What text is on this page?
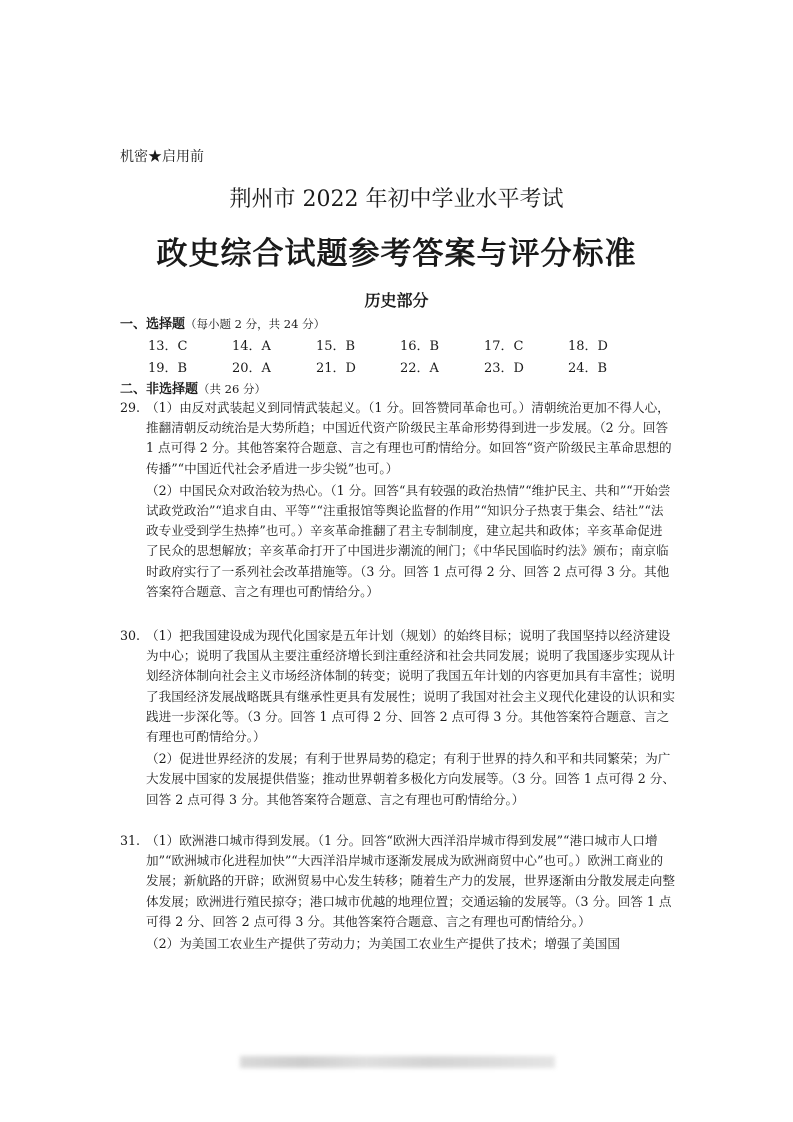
机密★启用前
荆州市 2022 年初中学业水平考试
政史综合试题参考答案与评分标准
历史部分
一、选择题（每小题 2 分，共 24 分）
13．C	14．A	15．B	16．B	17．C	18．D
19．B	20．A	21．D	22．A	23．D	24．B
二、非选择题（共 26 分）
29. （1）由反对武装起义到同情武装起义。（1 分。回答赞同革命也可。）清朝统治更加不得人心，推翻清朝反动统治是大势所趋；中国近代资产阶级民主革命形势得到进一步发展。（2 分。回答 1 点可得 2 分。其他答案符合题意、言之有理也可酌情给分。如回答“资产阶级民主革命思想的传播”“中国近代社会矛盾进一步尖锐”也可。）
（2）中国民众对政治较为热心。（1 分。回答“具有较强的政治热情”“维护民主、共和”“开始尝试政党政治”“追求自由、平等”“注重报馆等舆论监督的作用”“知识分子热衷于集会、结社”“法政专业受到学生热捧”也可。）辛亥革命推翻了君主专制制度，建立起共和政体；辛亥革命促进了民众的思想解放；辛亥革命打开了中国进步潮流的闸门；《中华民国临时约法》颁布；南京临时政府实行了一系列社会改革措施等。（3 分。回答 1 点可得 2 分、回答 2 点可得 3 分。其他答案符合题意、言之有理也可酌情给分。）
30. （1）把我国建设成为现代化国家是五年计划（规划）的始终目标；说明了我国坚持以经济建设为中心；说明了我国从主要注重经济增长到注重经济和社会共同发展；说明了我国逐步实现从计划经济体制向社会主义市场经济体制的转变；说明了我国五年计划的内容更加具有丰富性；说明了我国经济发展战略既具有继承性更具有发展性；说明了我国对社会主义现代化建设的认识和实践进一步深化等。（3 分。回答 1 点可得 2 分、回答 2 点可得 3 分。其他答案符合题意、言之有理也可酌情给分。）
（2）促进世界经济的发展；有利于世界局势的稳定；有利于世界的持久和平和共同繁荣；为广大发展中国家的发展提供借鉴；推动世界朝着多极化方向发展等。（3 分。回答 1 点可得 2 分、回答 2 点可得 3 分。其他答案符合题意、言之有理也可酌情给分。）
31. （1）欧洲港口城市得到发展。（1 分。回答“欧洲大西洋沿岸城市得到发展”“港口城市人口增加”“欧洲城市化进程加快”“大西洋沿岸城市逐渐发展成为欧洲商贸中心”也可。）欧洲工商业的发展；新航路的开辟；欧洲贸易中心发生转移；随着生产力的发展，世界逐渐由分散发展走向整体发展；欧洲进行殖民掠夺；港口城市优越的地理位置；交通运输的发展等。（3 分。回答 1 点可得 2 分、回答 2 点可得 3 分。其他答案符合题意、言之有理也可酌情给分。）
（2）为美国工农业生产提供了劳动力；为美国工农业生产提供了技术；增强了美国国
